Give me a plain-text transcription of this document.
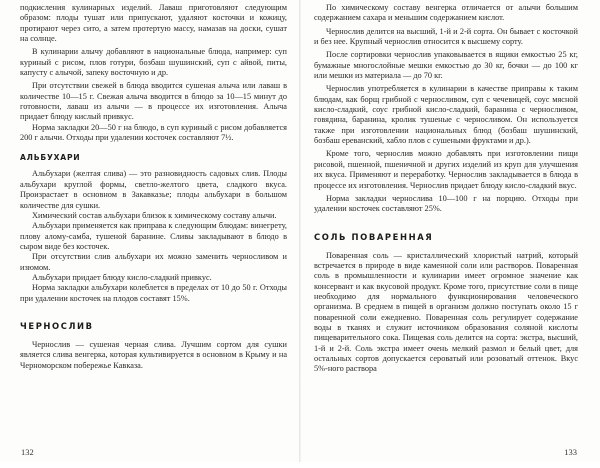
подкисления кулинарных изделий. Лаваш приготовляют следующим образом: плоды тушат или припускают, удаляют косточки и кожицу, протирают через сито, а затем протертую массу, намазав на доски, сушат на солнце.

В кулинарии алычу добавляют в национальные блюда, например: суп куриный с рисом, плов готури, бозбаш шушинский, суп с айвой, питы, капусту с алычой, запеку восточную и др.

При отсутствии свежей в блюда вводится сушеная алыча или лаваш в количестве 10—15 г. Свежая алыча вводится в блюдо за 10—15 минут до готовности, лаваш из алычи — в процессе их изготовления. Алыча придает блюду кислый привкус.

Норма закладки 20—50 г на блюдо, в суп куриный с рисом добавляется 200 г алычи. Отходы при удалении косточек составляют 7½.

АЛЬБУХАРИ

Альбухари (желтая слива) — это разновидность садовых слив. Плоды альбухари круглой формы, светло-желтого цвета, сладкого вкуса. Произрастает в основном в Закавказье; плоды альбухари в большом количестве для сушки.

Химический состав альбухари близок к химическому составу алычи.

Альбухари применяется как приправа к следующим блюдам: винегрету, плову алому-самба, тушеной баранине. Сливы закладывают в блюдо в сыром виде без косточек.

При отсутствии слив альбухари их можно заменить черносливом и изюмом.

Альбухари придает блюду кисло-сладкий привкус.

Норма закладки альбухари колеблется в пределах от 10 до 50 г. Отходы при удалении косточек на плодов составят 15%.

ЧЕРНОСЛИВ

Чернослив — сушеная черная слива. Лучшим сортом для сушки является слива венгерка, которая культивируется в основном в Крыму и на Черноморском побережье Кавказа.

132

По химическому составу венгерка отличается от алычи большим содержанием сахара и меньшим содержанием кислот.

Чернослив делится на высший, 1-й и 2-й сорта. Он бывает с косточкой и без нее. Крупный чернослив относится к высшему сорту.

После сортировки чернослив упаковывается в ящики емкостью 25 кг, бумажные многослойные мешки емкостью до 30 кг, бочки — до 100 кг или мешки из материала — до 70 кг.

Чернослив употребляется в кулинарии в качестве приправы к таким блюдам, как борщ грибной с черносливом, суп с чечевицей, соус мясной кисло-сладкий, соус грибной кисло-сладкий, баранина с черносливом, говядина, баранина, кролик тушеные с черносливом. Он используется также при изготовлении национальных блюд (бозбаш шушинский, бозбаш ереванский, хабло плов с сушеными фруктами и др.).

Кроме того, чернослив можно добавлять при изготовлении пищи рисовой, пшенной, пшеничной и других изделий из круп для улучшения их вкуса. Применяют и переработку. Чернослив закладывается в блюда в процессе их изготовления. Чернослив придает блюду кисло-сладкий вкус.

Норма закладки чернослива 10—100 г на порцию. Отходы при удалении косточек составляют 25%.

СОЛЬ ПОВАРЕННАЯ

Поваренная соль — кристаллический хлористый натрий, который встречается в природе в виде каменной соли или растворов. Поваренная соль в промышленности и кулинарии имеет огромное значение как консервант и как вкусовой продукт. Кроме того, присутствие соли в пище необходимо для нормального функционирования человеческого организма. В среднем в пищей в организм должно поступать около 15 г поваренной соли ежедневно. Поваренная соль регулирует содержание воды в тканях и служит источником образования соляной кислоты пищеварительного сока. Пищевая соль делится на сорта: экстра, высший, 1-й и 2-й. Соль экстра имеет очень мелкий размол и белый цвет, для остальных сортов допускается сероватый или розоватый оттенок. Вкус 5%-ного раствора

133
